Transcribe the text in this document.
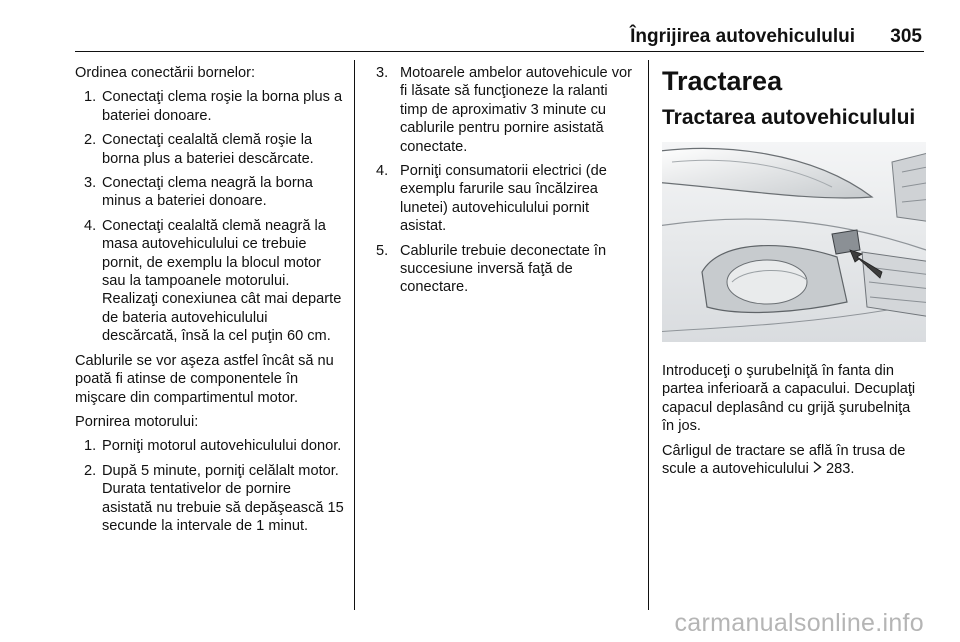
Îngrijirea autovehiculului 305

Ordinea conectării bornelor:

1. Conectaţi clema roşie la borna plus a bateriei donoare.
2. Conectaţi cealaltă clemă roşie la borna plus a bateriei descărcate.
3. Conectaţi clema neagră la borna minus a bateriei donoare.
4. Conectaţi cealaltă clemă neagră la masa autovehiculului ce trebuie pornit, de exemplu la blocul motor sau la tampoanele motorului. Realizaţi conexiunea cât mai departe de bateria autovehiculului descărcată, însă la cel puţin 60 cm.

Cablurile se vor aşeza astfel încât să nu poată fi atinse de componentele în mişcare din compartimentul motor.

Pornirea motorului:

1. Porniţi motorul autovehiculului donor.
2. După 5 minute, porniţi celălalt motor. Durata tentativelor de pornire asistată nu trebuie să depăşească 15 secunde la intervale de 1 minut.
3. Motoarele ambelor autovehicule vor fi lăsate să funcţioneze la ralanti timp de aproximativ 3 minute cu cablurile pentru pornire asistată conectate.
4. Porniţi consumatorii electrici (de exemplu farurile sau încălzirea lunetei) autovehiculului pornit asistat.
5. Cablurile trebuie deconectate în succesiune inversă faţă de conectare.
Tractarea
Tractarea autovehiculului

Introduceţi o şurubelniţă în fanta din partea inferioară a capacului. Decuplaţi capacul deplasând cu grijă şurubelniţa în jos.

Cârligul de tractare se află în trusa de scule a autovehiculului  283.

carmanualsonline.info
